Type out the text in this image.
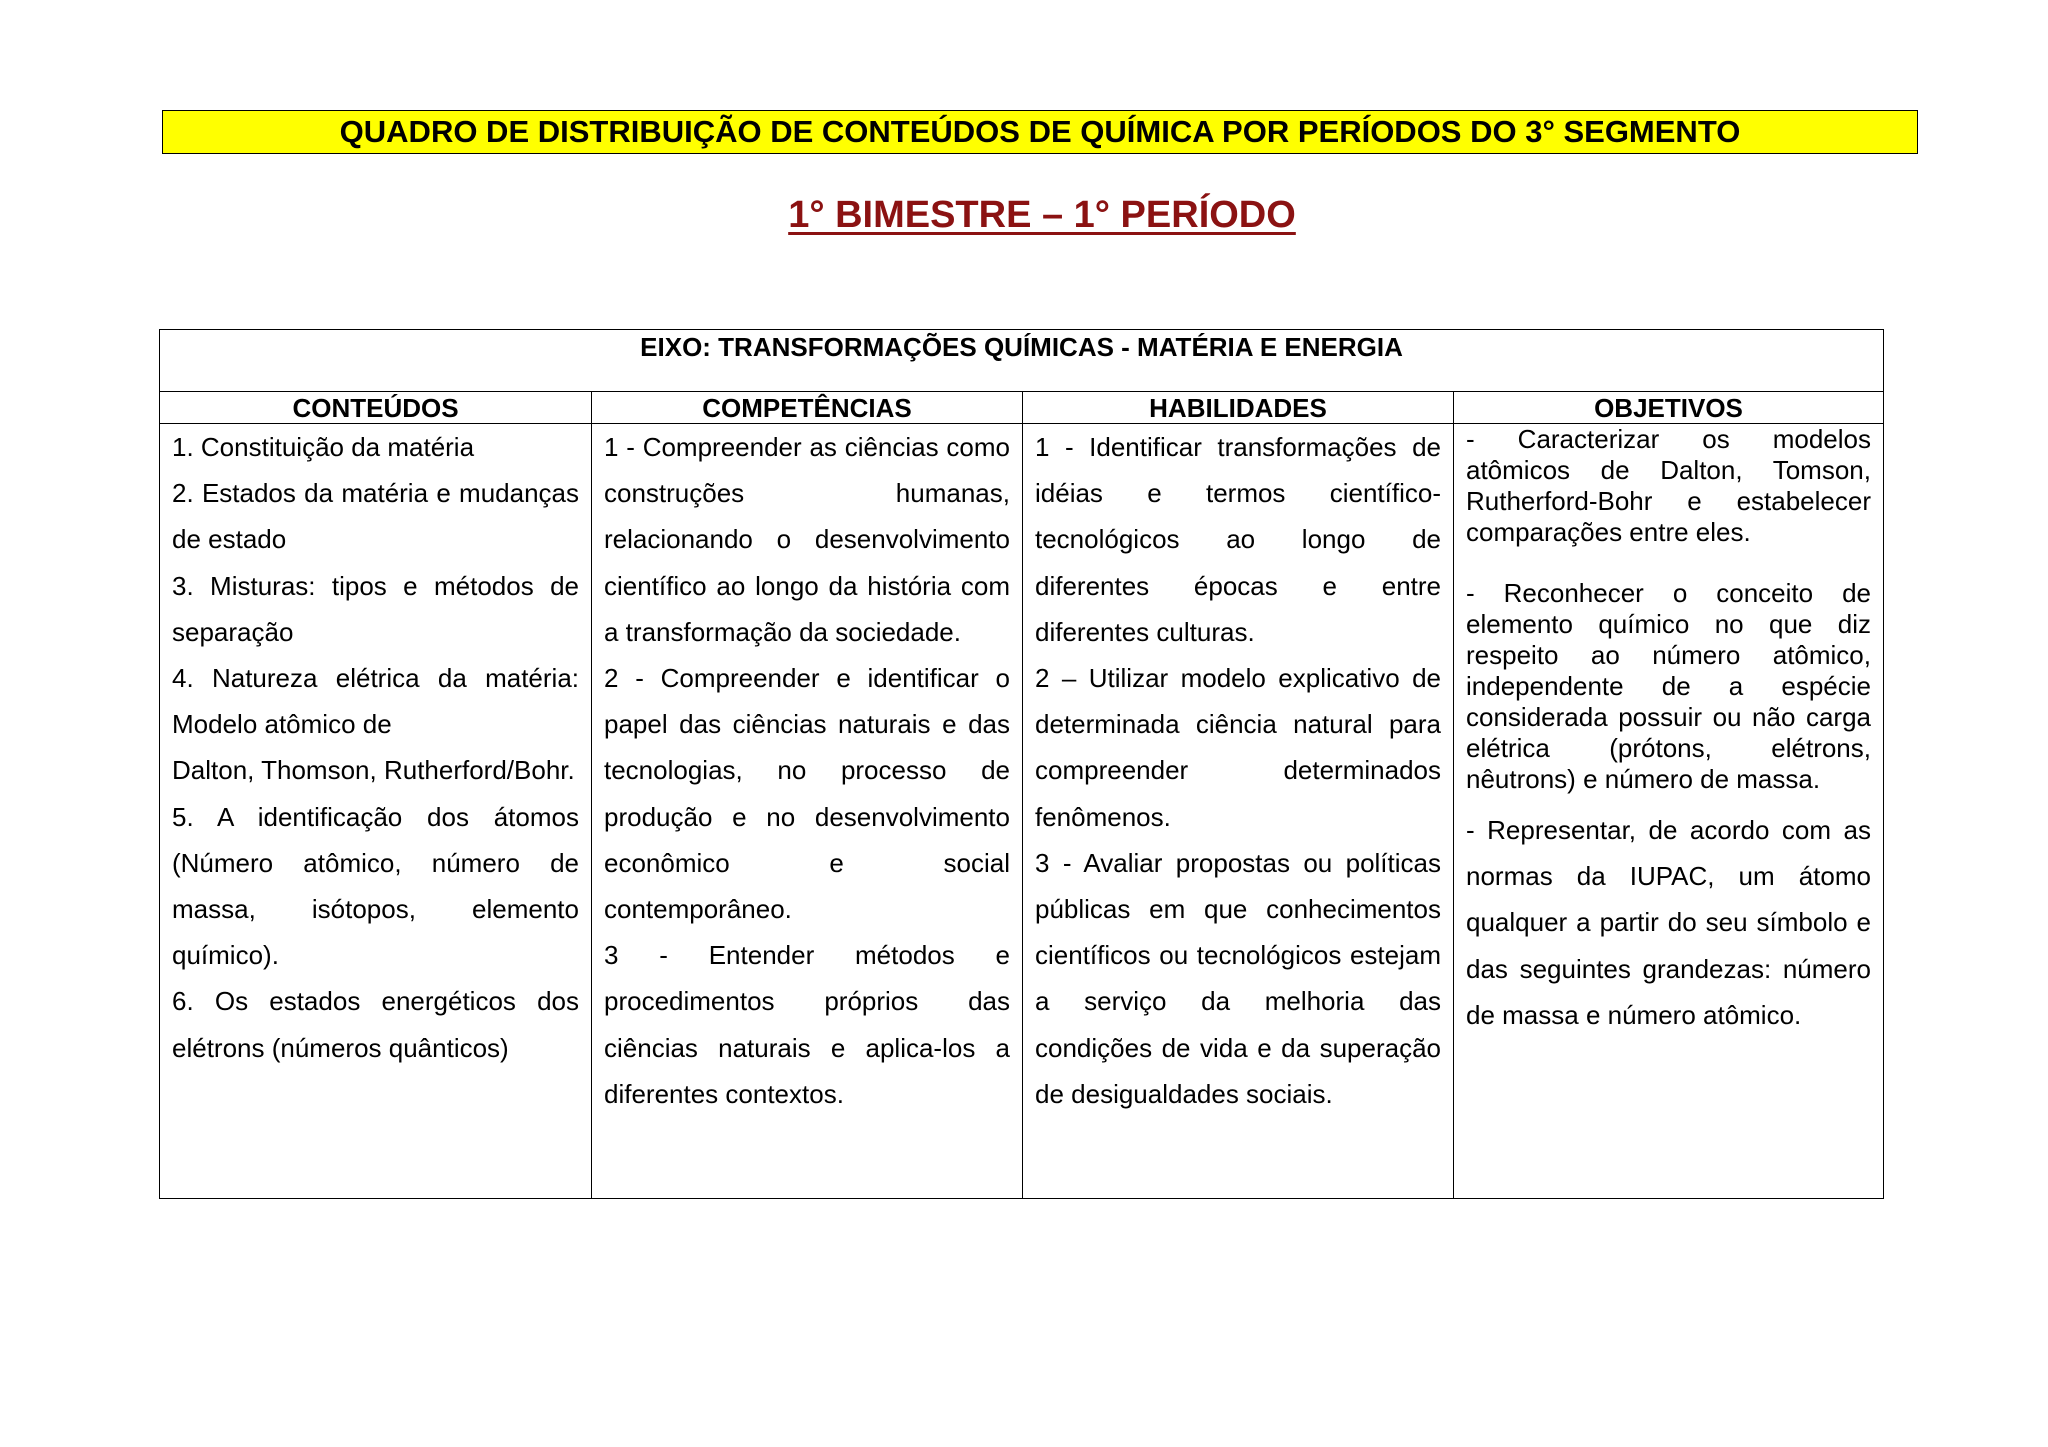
QUADRO DE DISTRIBUIÇÃO DE CONTEÚDOS DE QUÍMICA POR PERÍODOS DO 3° SEGMENTO
1° BIMESTRE – 1° PERÍODO
EIXO: TRANSFORMAÇÕES QUÍMICAS - MATÉRIA E ENERGIA
CONTEÚDOS

1. Constituição da matéria

2. Estados da matéria e mudanças de estado

3. Misturas: tipos e métodos de separação

4. Natureza elétrica da matéria: Modelo atômico de

Dalton, Thomson, Rutherford/Bohr.

5. A identificação dos átomos (Número atômico, número de massa, isótopos, elemento químico).

6. Os estados energéticos dos elétrons (números quânticos)

COMPETÊNCIAS

1 - Compreender as ciências como construções humanas, relacionando o desenvolvimento científico ao longo da história com a transformação da sociedade.

2 - Compreender e identificar o papel das ciências naturais e das tecnologias, no processo de produção e no desenvolvimento econômico e social contemporâneo.

3 - Entender métodos e procedimentos próprios das ciências naturais e aplica-los a diferentes contextos.

HABILIDADES

1 - Identificar transformações de idéias e termos científico-tecnológicos ao longo de diferentes épocas e entre diferentes culturas.

2 – Utilizar modelo explicativo de determinada ciência natural para compreender determinados fenômenos.

3 - Avaliar propostas ou políticas públicas em que conhecimentos científicos ou tecnológicos estejam a serviço da melhoria das condições de vida e da superação de desigualdades sociais.

OBJETIVOS

- Caracterizar os modelos atômicos de Dalton, Tomson, Rutherford-Bohr e estabelecer comparações entre eles.

- Reconhecer o conceito de elemento químico no que diz respeito ao número atômico, independente de a espécie considerada possuir ou não carga elétrica (prótons, elétrons, nêutrons) e número de massa.

- Representar, de acordo com as normas da IUPAC, um átomo qualquer a partir do seu símbolo e das seguintes grandezas: número de massa e número atômico.
